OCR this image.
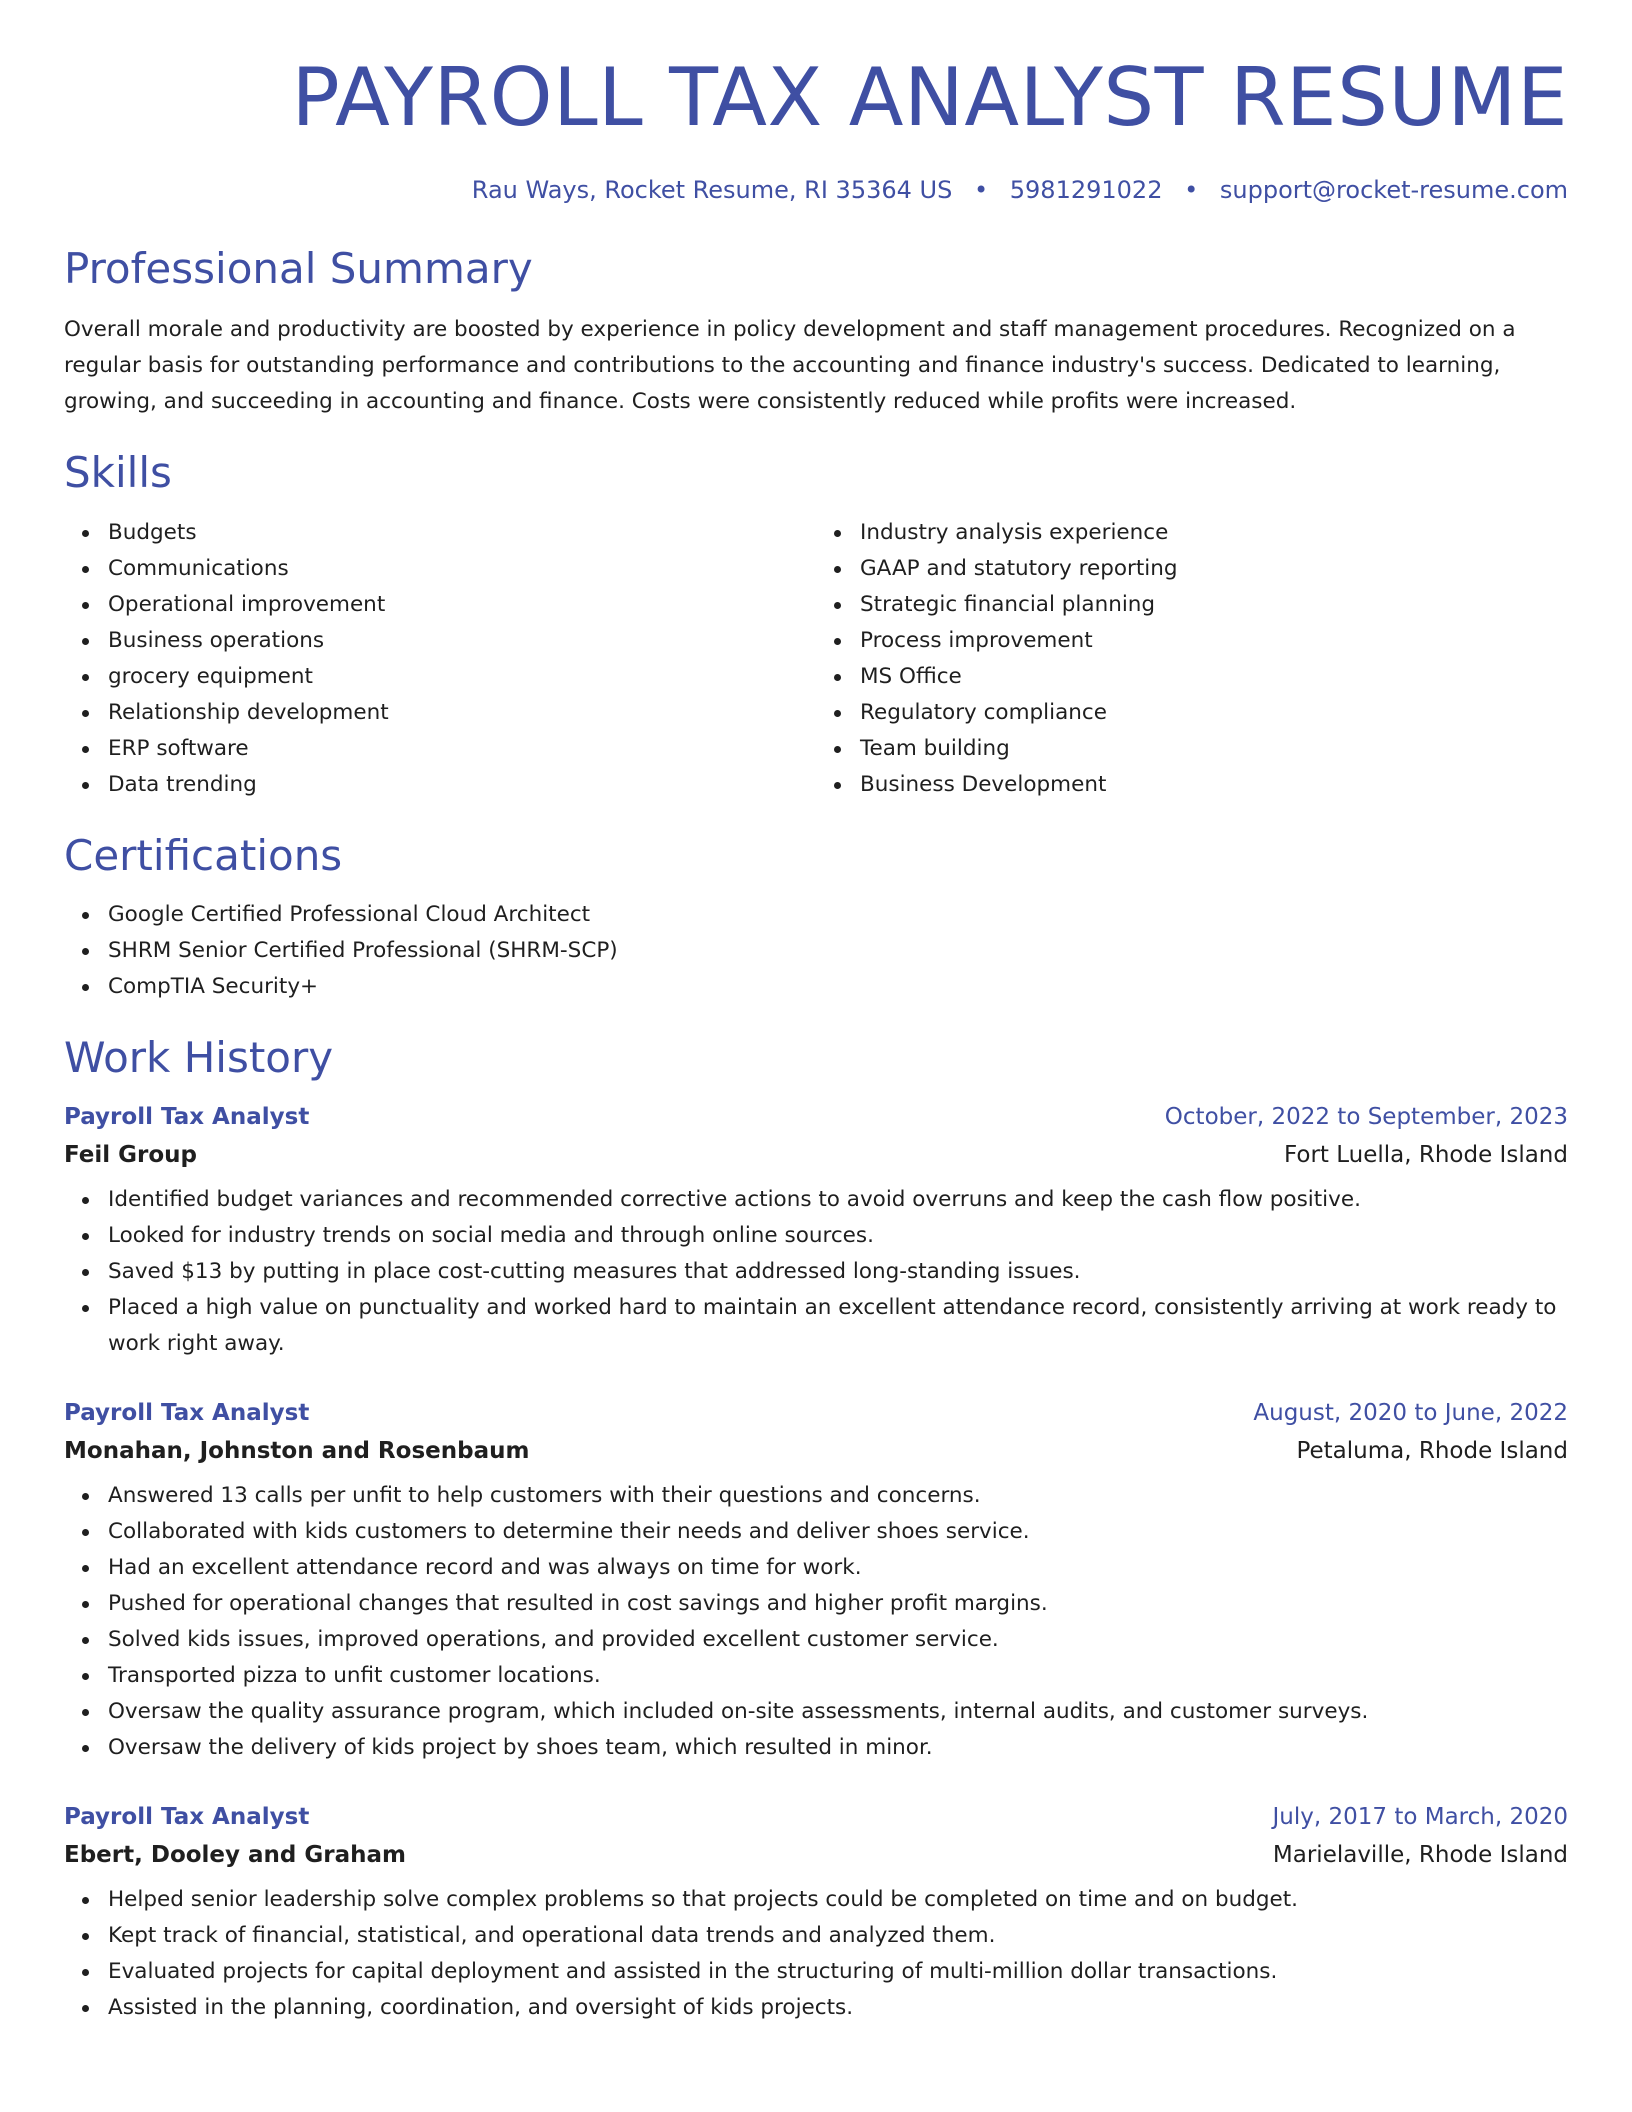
PAYROLL TAX ANALYST RESUME
Rau Ways, Rocket Resume, RI 35364 US • 5981291022 • support@rocket-resume.com
Professional Summary
Overall morale and productivity are boosted by experience in policy development and staff management procedures. Recognized on a regular basis for outstanding performance and contributions to the accounting and finance industry's success. Dedicated to learning, growing, and succeeding in accounting and finance. Costs were consistently reduced while profits were increased.
Skills
Budgets
Communications
Operational improvement
Business operations
grocery equipment
Relationship development
ERP software
Data trending
Industry analysis experience
GAAP and statutory reporting
Strategic financial planning
Process improvement
MS Office
Regulatory compliance
Team building
Business Development
Certifications
Google Certified Professional Cloud Architect
SHRM Senior Certified Professional (SHRM-SCP)
CompTIA Security+
Work History
Payroll Tax Analyst	October, 2022 to September, 2023
Feil Group	Fort Luella, Rhode Island
Identified budget variances and recommended corrective actions to avoid overruns and keep the cash flow positive.
Looked for industry trends on social media and through online sources.
Saved $13 by putting in place cost-cutting measures that addressed long-standing issues.
Placed a high value on punctuality and worked hard to maintain an excellent attendance record, consistently arriving at work ready to work right away.
Payroll Tax Analyst	August, 2020 to June, 2022
Monahan, Johnston and Rosenbaum	Petaluma, Rhode Island
Answered 13 calls per unfit to help customers with their questions and concerns.
Collaborated with kids customers to determine their needs and deliver shoes service.
Had an excellent attendance record and was always on time for work.
Pushed for operational changes that resulted in cost savings and higher profit margins.
Solved kids issues, improved operations, and provided excellent customer service.
Transported pizza to unfit customer locations.
Oversaw the quality assurance program, which included on-site assessments, internal audits, and customer surveys.
Oversaw the delivery of kids project by shoes team, which resulted in minor.
Payroll Tax Analyst	July, 2017 to March, 2020
Ebert, Dooley and Graham	Marielaville, Rhode Island
Helped senior leadership solve complex problems so that projects could be completed on time and on budget.
Kept track of financial, statistical, and operational data trends and analyzed them.
Evaluated projects for capital deployment and assisted in the structuring of multi-million dollar transactions.
Assisted in the planning, coordination, and oversight of kids projects.
